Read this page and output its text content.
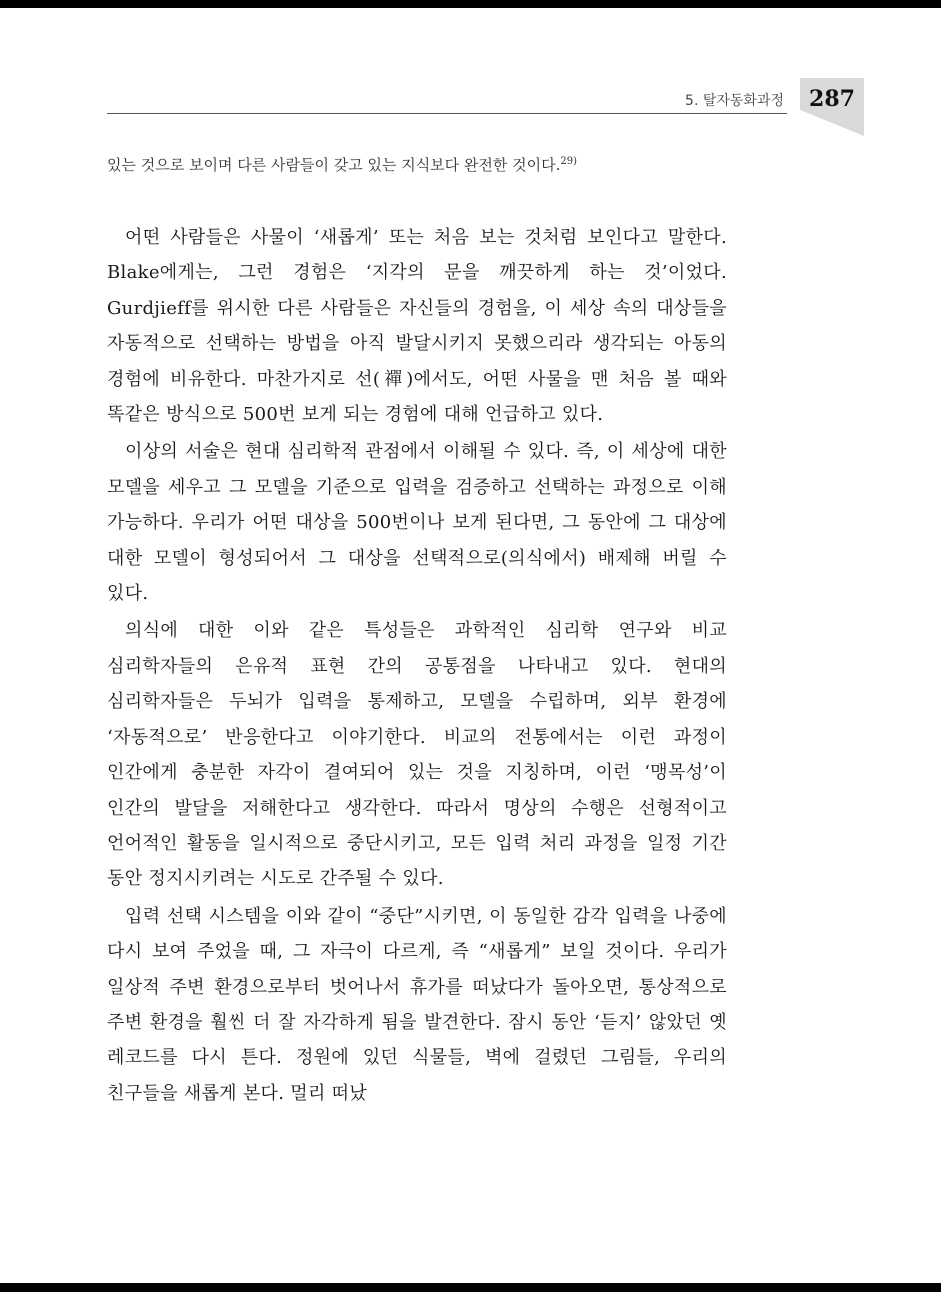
5. 탈자동화과정 287

있는 것으로 보이며 다른 사람들이 갖고 있는 지식보다 완전한 것이다.$^{29)}$

어떤 사람들은 사물이 ‘새롭게’ 또는 처음 보는 것처럼 보인다고 말한다. Blake에게는, 그런 경험은 ‘지각의 문을 깨끗하게 하는 것’이었다. Gurdjieff를 위시한 다른 사람들은 자신들의 경험을, 이 세상 속의 대상들을 자동적으로 선택하는 방법을 아직 발달시키지 못했으리라 생각되는 아동의 경험에 비유한다. 마찬가지로 선(禪)에서도, 어떤 사물을 맨 처음 볼 때와 똑같은 방식으로 500번 보게 되는 경험에 대해 언급하고 있다.

이상의 서술은 현대 심리학적 관점에서 이해될 수 있다. 즉, 이 세상에 대한 모델을 세우고 그 모델을 기준으로 입력을 검증하고 선택하는 과정으로 이해 가능하다. 우리가 어떤 대상을 500번이나 보게 된다면, 그 동안에 그 대상에 대한 모델이 형성되어서 그 대상을 선택적으로(의식에서) 배제해 버릴 수 있다.

의식에 대한 이와 같은 특성들은 과학적인 심리학 연구와 비교 심리학자들의 은유적 표현 간의 공통점을 나타내고 있다. 현대의 심리학자들은 두뇌가 입력을 통제하고, 모델을 수립하며, 외부 환경에 ‘자동적으로’ 반응한다고 이야기한다. 비교의 전통에서는 이런 과정이 인간에게 충분한 자각이 결여되어 있는 것을 지칭하며, 이런 ‘맹목성’이 인간의 발달을 저해한다고 생각한다. 따라서 명상의 수행은 선형적이고 언어적인 활동을 일시적으로 중단시키고, 모든 입력 처리 과정을 일정 기간 동안 정지시키려는 시도로 간주될 수 있다.

입력 선택 시스템을 이와 같이 “중단”시키면, 이 동일한 감각 입력을 나중에 다시 보여 주었을 때, 그 자극이 다르게, 즉 “새롭게” 보일 것이다. 우리가 일상적 주변 환경으로부터 벗어나서 휴가를 떠났다가 돌아오면, 통상적으로 주변 환경을 훨씬 더 잘 자각하게 됨을 발견한다. 잠시 동안 ‘듣지’ 않았던 옛 레코드를 다시 튼다. 정원에 있던 식물들, 벽에 걸렸던 그림들, 우리의 친구들을 새롭게 본다. 멀리 떠났
